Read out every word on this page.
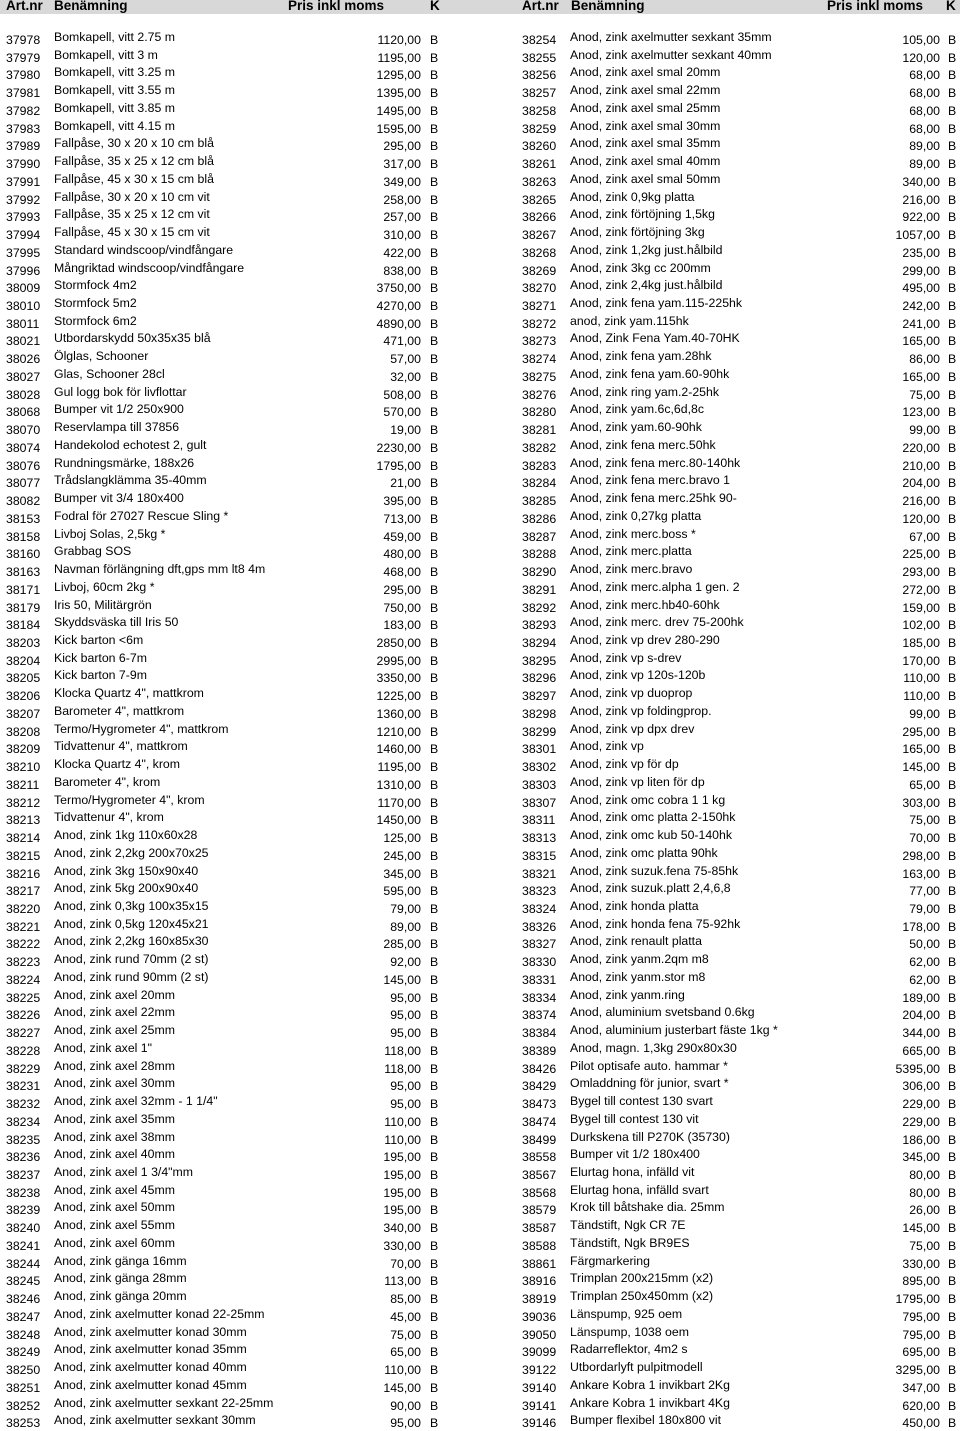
Art.nr Benämning	Pris inkl moms	K	Art.nr Benämning	Pris inkl moms K
37978 Bomkapell, vitt 2.75 m	1120,00 B
37979 Bomkapell, vitt 3 m	1195,00 B
37980 Bomkapell, vitt 3.25 m	1295,00 B
37981 Bomkapell, vitt 3.55 m	1395,00 B
37982 Bomkapell, vitt 3.85 m	1495,00 B
37983 Bomkapell, vitt 4.15 m	1595,00 B
37989 Fallpåse, 30 x 20 x 10 cm blå	295,00 B
37990 Fallpåse, 35 x 25 x 12 cm blå	317,00 B
37991 Fallpåse, 45 x 30 x 15 cm blå	349,00 B
37992 Fallpåse, 30 x 20 x 10 cm vit	258,00 B
37993 Fallpåse, 35 x 25 x 12 cm vit	257,00 B
37994 Fallpåse, 45 x 30 x 15 cm vit	310,00 B
37995 Standard windscoop/vindfångare	422,00 B
37996 Mångriktad windscoop/vindfångare	838,00 B
38009 Stormfock 4m2	3750,00 B
38010 Stormfock 5m2	4270,00 B
38011 Stormfock 6m2	4890,00 B
38021 Utbordarskydd 50x35x35 blå	471,00 B
38026 Ölglas, Schooner	57,00 B
38027 Glas, Schooner 28cl	32,00 B
38028 Gul logg bok för livflottar	508,00 B
38068 Bumper vit 1/2 250x900	570,00 B
38070 Reservlampa till 37856	19,00 B
38074 Handekolod echotest 2, gult	2230,00 B
38076 Rundningsmärke, 188x26	1795,00 B
38077 Trådslangklämma 35-40mm	21,00 B
38082 Bumper vit 3/4 180x400	395,00 B
38153 Fodral för 27027 Rescue Sling *	713,00 B
38158 Livboj Solas, 2,5kg *	459,00 B
38160 Grabbag SOS	480,00 B
38163 Navman förlängning dft,gps mm lt8 4m	468,00 B
38171 Livboj, 60cm 2kg *	295,00 B
38179 Iris 50, Militärgrön	750,00 B
38184 Skyddsväska till Iris 50	183,00 B
38203 Kick barton <6m	2850,00 B
38204 Kick barton 6-7m	2995,00 B
38205 Kick barton 7-9m	3350,00 B
38206 Klocka Quartz 4", mattkrom	1225,00 B
38207 Barometer 4", mattkrom	1360,00 B
38208 Termo/Hygrometer 4", mattkrom	1210,00 B
38209 Tidvattenur 4", mattkrom	1460,00 B
38210 Klocka Quartz 4", krom	1195,00 B
38211 Barometer 4", krom	1310,00 B
38212 Termo/Hygrometer 4", krom	1170,00 B
38213 Tidvattenur 4", krom	1450,00 B
38214 Anod, zink 1kg 110x60x28	125,00 B
38215 Anod, zink 2,2kg 200x70x25	245,00 B
38216 Anod, zink 3kg 150x90x40	345,00 B
38217 Anod, zink 5kg 200x90x40	595,00 B
38220 Anod, zink 0,3kg 100x35x15	79,00 B
38221 Anod, zink 0,5kg 120x45x21	89,00 B
38222 Anod, zink 2,2kg 160x85x30	285,00 B
38223 Anod, zink rund 70mm (2 st)	92,00 B
38224 Anod, zink rund 90mm (2 st)	145,00 B
38225 Anod, zink axel 20mm	95,00 B
38226 Anod, zink axel 22mm	95,00 B
38227 Anod, zink axel 25mm	95,00 B
38228 Anod, zink axel 1"	118,00 B
38229 Anod, zink axel 28mm	118,00 B
38231 Anod, zink axel 30mm	95,00 B
38232 Anod, zink axel 32mm - 1 1/4"	95,00 B
38234 Anod, zink axel 35mm	110,00 B
38235 Anod, zink axel 38mm	110,00 B
38236 Anod, zink axel 40mm	195,00 B
38237 Anod, zink axel 1 3/4"mm	195,00 B
38238 Anod, zink axel 45mm	195,00 B
38239 Anod, zink axel 50mm	195,00 B
38240 Anod, zink axel 55mm	340,00 B
38241 Anod, zink axel 60mm	330,00 B
38244 Anod, zink gänga 16mm	70,00 B
38245 Anod, zink gänga 28mm	113,00 B
38246 Anod, zink gänga 20mm	85,00 B
38247 Anod, zink axelmutter konad 22-25mm	45,00 B
38248 Anod, zink axelmutter konad 30mm	75,00 B
38249 Anod, zink axelmutter konad 35mm	65,00 B
38250 Anod, zink axelmutter konad 40mm	110,00 B
38251 Anod, zink axelmutter konad 45mm	145,00 B
38252 Anod, zink axelmutter sexkant 22-25mm	90,00 B
38253 Anod, zink axelmutter sexkant 30mm	95,00 B
38254 Anod, zink axelmutter sexkant 35mm	105,00 B
38255 Anod, zink axelmutter sexkant 40mm	120,00 B
38256 Anod, zink axel smal 20mm	68,00 B
38257 Anod, zink axel smal 22mm	68,00 B
38258 Anod, zink axel smal 25mm	68,00 B
38259 Anod, zink axel smal 30mm	68,00 B
38260 Anod, zink axel smal 35mm	89,00 B
38261 Anod, zink axel smal 40mm	89,00 B
38263 Anod, zink axel smal 50mm	340,00 B
38265 Anod, zink 0,9kg platta	216,00 B
38266 Anod, zink förtöjning 1,5kg	922,00 B
38267 Anod, zink förtöjning 3kg	1057,00 B
38268 Anod, zink 1,2kg just.hålbild	235,00 B
38269 Anod, zink 3kg cc 200mm	299,00 B
38270 Anod, zink 2,4kg just.hålbild	495,00 B
38271 Anod, zink fena yam.115-225hk	242,00 B
38272 anod, zink yam.115hk	241,00 B
38273 Anod, Zink Fena Yam.40-70HK	165,00 B
38274 Anod, zink fena yam.28hk	86,00 B
38275 Anod, zink fena yam.60-90hk	165,00 B
38276 Anod, zink ring yam.2-25hk	75,00 B
38280 Anod, zink yam.6c,6d,8c	123,00 B
38281 Anod, zink yam.60-90hk	99,00 B
38282 Anod, zink fena merc.50hk	220,00 B
38283 Anod, zink fena merc.80-140hk	210,00 B
38284 Anod, zink fena merc.bravo 1	204,00 B
38285 Anod, zink fena merc.25hk 90-	216,00 B
38286 Anod, zink 0,27kg platta	120,00 B
38287 Anod, zink merc.boss *	67,00 B
38288 Anod, zink merc.platta	225,00 B
38290 Anod, zink merc.bravo	293,00 B
38291 Anod, zink merc.alpha 1 gen. 2	272,00 B
38292 Anod, zink merc.hb40-60hk	159,00 B
38293 Anod, zink merc. drev 75-200hk	102,00 B
38294 Anod, zink vp drev 280-290	185,00 B
38295 Anod, zink vp s-drev	170,00 B
38296 Anod, zink vp 120s-120b	110,00 B
38297 Anod, zink vp duoprop	110,00 B
38298 Anod, zink vp foldingprop.	99,00 B
38299 Anod, zink vp dpx drev	295,00 B
38301 Anod, zink vp	165,00 B
38302 Anod, zink vp för dp	145,00 B
38303 Anod, zink vp liten för dp	65,00 B
38307 Anod, zink omc cobra 1 1 kg	303,00 B
38311 Anod, zink omc platta 2-150hk	75,00 B
38313 Anod, zink omc kub 50-140hk	70,00 B
38315 Anod, zink omc platta 90hk	298,00 B
38321 Anod, zink suzuk.fena 75-85hk	163,00 B
38323 Anod, zink suzuk.platt 2,4,6,8	77,00 B
38324 Anod, zink honda platta	79,00 B
38326 Anod, zink honda fena 75-92hk	178,00 B
38327 Anod, zink renault platta	50,00 B
38330 Anod, zink yanm.2qm m8	62,00 B
38331 Anod, zink yanm.stor m8	62,00 B
38334 Anod, zink yanm.ring	189,00 B
38374 Anod, aluminium svetsband 0.6kg	204,00 B
38384 Anod, aluminium justerbart fäste 1kg *	344,00 B
38389 Anod, magn. 1,3kg 290x80x30	665,00 B
38426 Pilot optisafe auto. hammar *	5395,00 B
38429 Omladdning för junior, svart *	306,00 B
38473 Bygel till contest 130 svart	229,00 B
38474 Bygel till contest 130 vit	229,00 B
38499 Durkskena till P270K (35730)	186,00 B
38558 Bumper vit 1/2 180x400	345,00 B
38567 Elurtag hona, infälld vit	80,00 B
38568 Elurtag hona, infälld svart	80,00 B
38579 Krok till båtshake dia. 25mm	26,00 B
38587 Tändstift, Ngk CR 7E	145,00 B
38588 Tändstift, Ngk BR9ES	75,00 B
38861 Färgmarkering	330,00 B
38916 Trimplan 200x215mm (x2)	895,00 B
38919 Trimplan 250x450mm (x2)	1795,00 B
39036 Länspump, 925 oem	795,00 B
39050 Länspump, 1038 oem	795,00 B
39099 Radarreflektor, 4m2 s	695,00 B
39122 Utbordarlyft pulpitmodell	3295,00 B
39140 Ankare Kobra 1 invikbart 2Kg	347,00 B
39141 Ankare Kobra 1 invikbart 4Kg	620,00 B
39146 Bumper flexibel 180x800 vit	450,00 B
